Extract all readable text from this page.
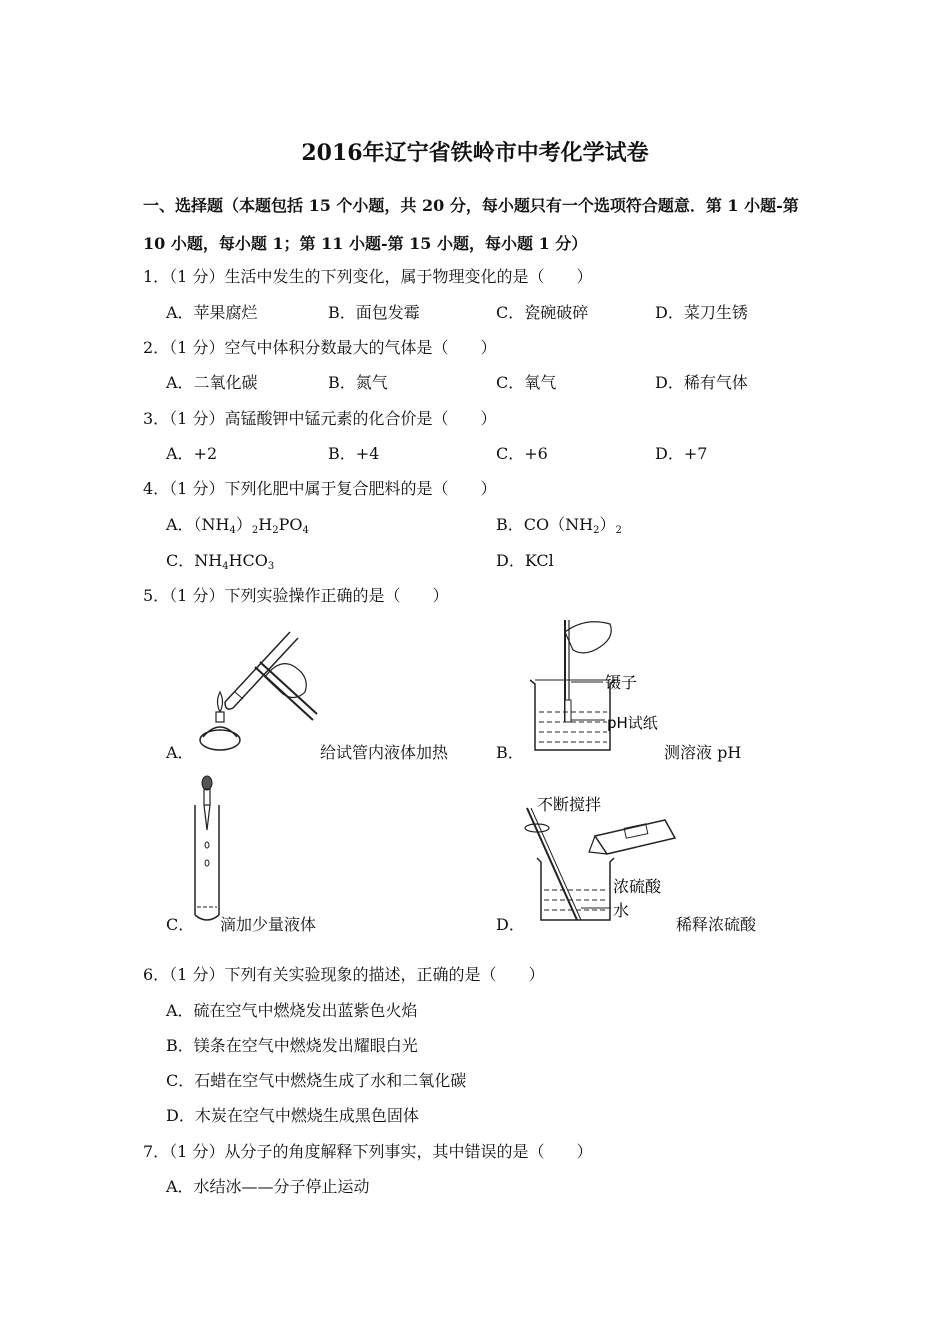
2016年辽宁省铁岭市中考化学试卷
一、选择题（本题包括 15 个小题，共 20 分，每小题只有一个选项符合题意．第 1 小题-第
10 小题，每小题 1；第 11 小题-第 15 小题，每小题 1 分）
1．（1 分）生活中发生的下列变化，属于物理变化的是（　　）
A．苹果腐烂	B．面包发霉	C．瓷碗破碎	D．菜刀生锈
2．（1 分）空气中体积分数最大的气体是（　　）
A．二氧化碳	B．氮气	C．氧气	D．稀有气体
3．（1 分）高锰酸钾中锰元素的化合价是（　　）
A．+2	B．+4	C．+6	D．+7
4．（1 分）下列化肥中属于复合肥料的是（　　）
A．$(NH_4)_2H_2PO_4$	B．$CO(NH_2)_2$
C．$NH_4HCO_3$	D．KCl
5．（1 分）下列实验操作正确的是（　　）
A．	给试管内液体加热
镊子
pH试纸
B．	测溶液 pH
C． 滴加少量液体
不断搅拌
浓硫酸
水
D．	稀释浓硫酸
6．（1 分）下列有关实验现象的描述，正确的是（　　）
A．硫在空气中燃烧发出蓝紫色火焰
B．镁条在空气中燃烧发出耀眼白光
C．石蜡在空气中燃烧生成了水和二氧化碳
D．木炭在空气中燃烧生成黑色固体
7．（1 分）从分子的角度解释下列事实，其中错误的是（　　）
A．水结冰——分子停止运动
